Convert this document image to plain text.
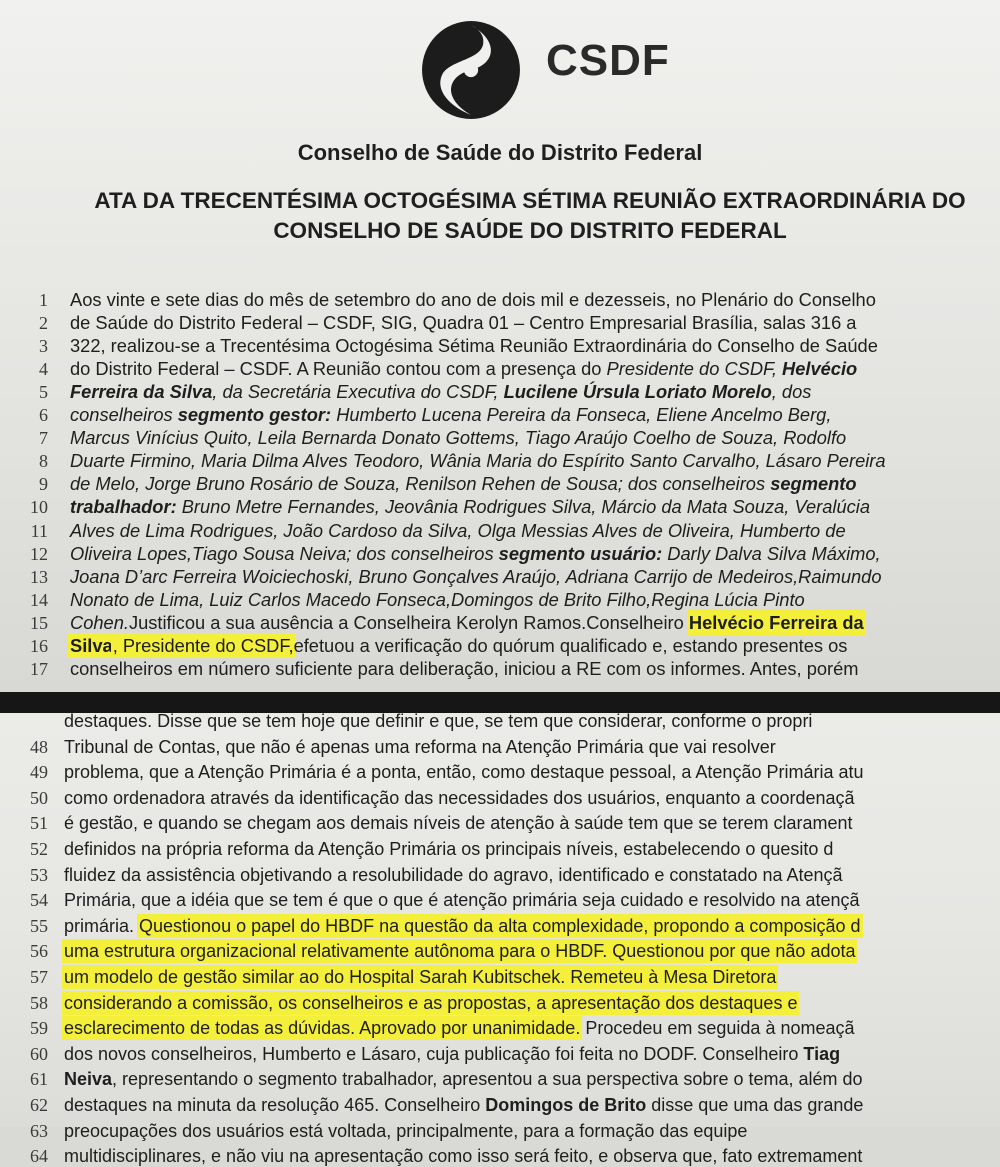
CSDF
Conselho de Saúde do Distrito Federal
ATA DA TRECENTÉSIMA OCTOGÉSIMA SÉTIMA REUNIÃO EXTRAORDINÁRIA DO
CONSELHO DE SAÚDE DO DISTRITO FEDERAL
1 Aos vinte e sete dias do mês de setembro do ano de dois mil e dezesseis, no Plenário do Conselho
2 de Saúde do Distrito Federal – CSDF, SIG, Quadra 01 – Centro Empresarial Brasília, salas 316 a
3 322, realizou-se a Trecentésima Octogésima Sétima Reunião Extraordinária do Conselho de Saúde
4 do Distrito Federal – CSDF. A Reunião contou com a presença do Presidente do CSDF, Helvécio
5 Ferreira da Silva, da Secretária Executiva do CSDF, Lucilene Úrsula Loriato Morelo, dos
6 conselheiros segmento gestor: Humberto Lucena Pereira da Fonseca, Eliene Ancelmo Berg,
7 Marcus Vinícius Quito, Leila Bernarda Donato Gottems, Tiago Araújo Coelho de Souza, Rodolfo
8 Duarte Firmino, Maria Dilma Alves Teodoro, Wânia Maria do Espírito Santo Carvalho, Lásaro Pereira
9 de Melo, Jorge Bruno Rosário de Souza, Renilson Rehen de Sousa; dos conselheiros segmento
10 trabalhador: Bruno Metre Fernandes, Jeovânia Rodrigues Silva, Márcio da Mata Souza, Veralúcia
11 Alves de Lima Rodrigues, João Cardoso da Silva, Olga Messias Alves de Oliveira, Humberto de
12 Oliveira Lopes,Tiago Sousa Neiva; dos conselheiros segmento usuário: Darly Dalva Silva Máximo,
13 Joana D’arc Ferreira Woiciechoski, Bruno Gonçalves Araújo, Adriana Carrijo de Medeiros,Raimundo
14 Nonato de Lima, Luiz Carlos Macedo Fonseca,Domingos de Brito Filho,Regina Lúcia Pinto
15 Cohen.Justificou a sua ausência a Conselheira Kerolyn Ramos.Conselheiro Helvécio Ferreira da
16 Silva, Presidente do CSDF,efetuou a verificação do quórum qualificado e, estando presentes os
17 conselheiros em número suficiente para deliberação, iniciou a RE com os informes. Antes, porém
destaques. Disse que se tem hoje que definir e que, se tem que considerar, conforme o propri
48 Tribunal de Contas, que não é apenas uma reforma na Atenção Primária que vai resolver
49 problema, que a Atenção Primária é a ponta, então, como destaque pessoal, a Atenção Primária atu
50 como ordenadora através da identificação das necessidades dos usuários, enquanto a coordenaçã
51 é gestão, e quando se chegam aos demais níveis de atenção à saúde tem que se terem clarament
52 definidos na própria reforma da Atenção Primária os principais níveis, estabelecendo o quesito d
53 fluidez da assistência objetivando a resolubilidade do agravo, identificado e constatado na Atençã
54 Primária, que a idéia que se tem é que o que é atenção primária seja cuidado e resolvido na atençã
55 primária. Questionou o papel do HBDF na questão da alta complexidade, propondo a composição d
56 uma estrutura organizacional relativamente autônoma para o HBDF. Questionou por que não adota
57 um modelo de gestão similar ao do Hospital Sarah Kubitschek. Remeteu à Mesa Diretora
58 considerando a comissão, os conselheiros e as propostas, a apresentação dos destaques e
59 esclarecimento de todas as dúvidas. Aprovado por unanimidade. Procedeu em seguida à nomeaçã
60 dos novos conselheiros, Humberto e Lásaro, cuja publicação foi feita no DODF. Conselheiro Tiag
61 Neiva, representando o segmento trabalhador, apresentou a sua perspectiva sobre o tema, além do
62 destaques na minuta da resolução 465. Conselheiro Domingos de Brito disse que uma das grande
63 preocupações dos usuários está voltada, principalmente, para a formação das equipe
64 multidisciplinares, e não viu na apresentação como isso será feito, e observa que, fato extremament
